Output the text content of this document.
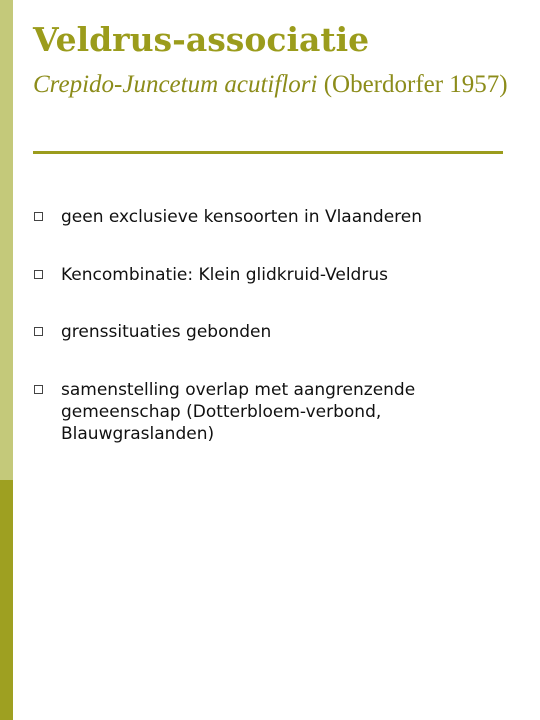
Veldrus-associatie

Crepido-Juncetum acutiflori (Oberdorfer 1957)

geen exclusieve kensoorten in Vlaanderen
Kencombinatie: Klein glidkruid-Veldrus
grenssituaties gebonden
samenstelling overlap met aangrenzende gemeenschap (Dotterbloem-verbond, Blauwgraslanden)
